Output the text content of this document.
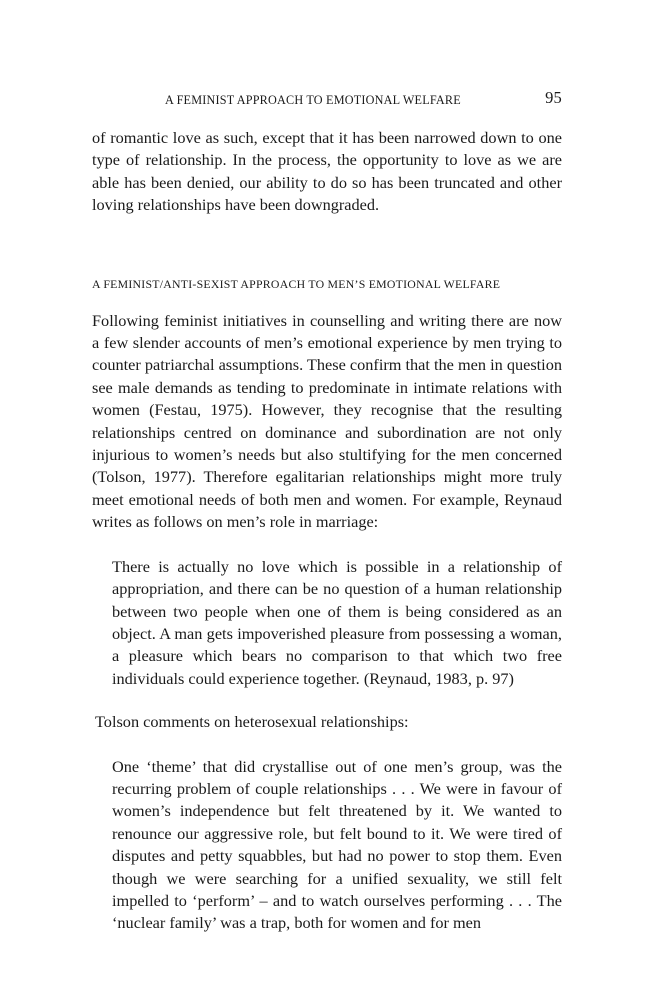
A FEMINIST APPROACH TO EMOTIONAL WELFARE	95

of romantic love as such, except that it has been narrowed down to one type of relationship. In the process, the opportunity to love as we are able has been denied, our ability to do so has been truncated and other loving relationships have been downgraded.

A FEMINIST/ANTI-SEXIST APPROACH TO MEN’S EMOTIONAL WELFARE

Following feminist initiatives in counselling and writing there are now a few slender accounts of men’s emotional experience by men trying to counter patriarchal assumptions. These confirm that the men in question see male demands as tending to predominate in intimate relations with women (Festau, 1975). However, they recognise that the resulting relationships centred on dominance and subordination are not only injurious to women’s needs but also stultifying for the men concerned (Tolson, 1977). Therefore egalitarian relationships might more truly meet emotional needs of both men and women. For example, Reynaud writes as follows on men’s role in marriage:

There is actually no love which is possible in a relationship of appropriation, and there can be no question of a human relationship between two people when one of them is being considered as an object. A man gets impoverished pleasure from possessing a woman, a pleasure which bears no comparison to that which two free individuals could experience together. (Reynaud, 1983, p. 97)

Tolson comments on heterosexual relationships:

One ‘theme’ that did crystallise out of one men’s group, was the recurring problem of couple relationships . . . We were in favour of women’s independence but felt threatened by it. We wanted to renounce our aggressive role, but felt bound to it. We were tired of disputes and petty squabbles, but had no power to stop them. Even though we were searching for a unified sexuality, we still felt impelled to ‘perform’ – and to watch ourselves performing . . . The ‘nuclear family’ was a trap, both for women and for men
